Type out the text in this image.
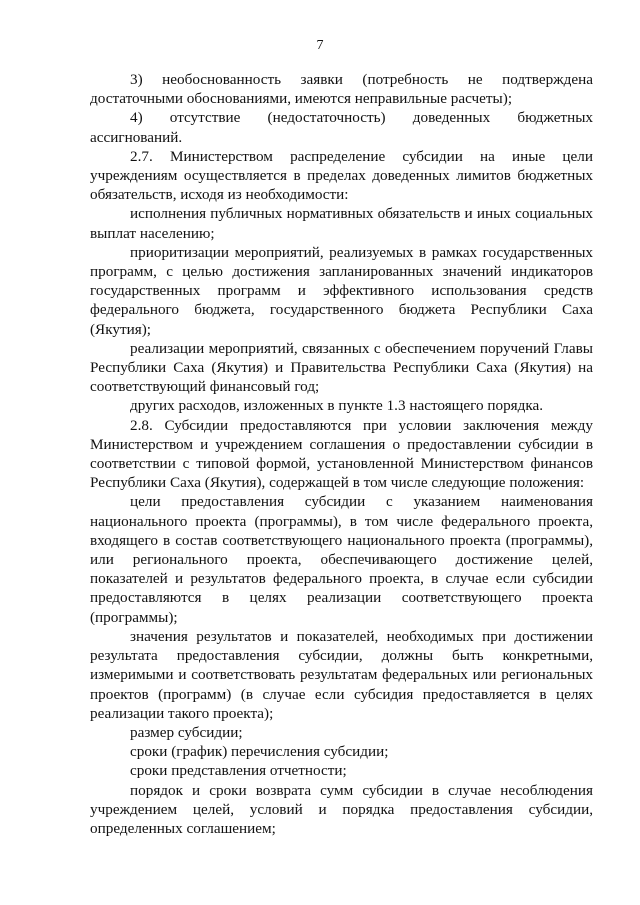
7

3) необоснованность заявки (потребность не подтверждена достаточными обоснованиями, имеются неправильные расчеты);

4) отсутствие (недостаточность) доведенных бюджетных ассигнований.

2.7. Министерством распределение субсидии на иные цели учреждениям осуществляется в пределах доведенных лимитов бюджетных обязательств, исходя из необходимости:

исполнения публичных нормативных обязательств и иных социальных выплат населению;

приоритизации мероприятий, реализуемых в рамках государственных программ, с целью достижения запланированных значений индикаторов государственных программ и эффективного использования средств федерального бюджета, государственного бюджета Республики Саха (Якутия);

реализации мероприятий, связанных с обеспечением поручений Главы Республики Саха (Якутия) и Правительства Республики Саха (Якутия) на соответствующий финансовый год;

других расходов, изложенных в пункте 1.3 настоящего порядка.

2.8. Субсидии предоставляются при условии заключения между Министерством и учреждением соглашения о предоставлении субсидии в соответствии с типовой формой, установленной Министерством финансов Республики Саха (Якутия), содержащей в том числе следующие положения:

цели предоставления субсидии с указанием наименования национального проекта (программы), в том числе федерального проекта, входящего в состав соответствующего национального проекта (программы), или регионального проекта, обеспечивающего достижение целей, показателей и результатов федерального проекта, в случае если субсидии предоставляются в целях реализации соответствующего проекта (программы);

значения результатов и показателей, необходимых при достижении результата предоставления субсидии, должны быть конкретными, измеримыми и соответствовать результатам федеральных или региональных проектов (программ) (в случае если субсидия предоставляется в целях реализации такого проекта);

размер субсидии;

сроки (график) перечисления субсидии;

сроки представления отчетности;

порядок и сроки возврата сумм субсидии в случае несоблюдения учреждением целей, условий и порядка предоставления субсидии, определенных соглашением;
